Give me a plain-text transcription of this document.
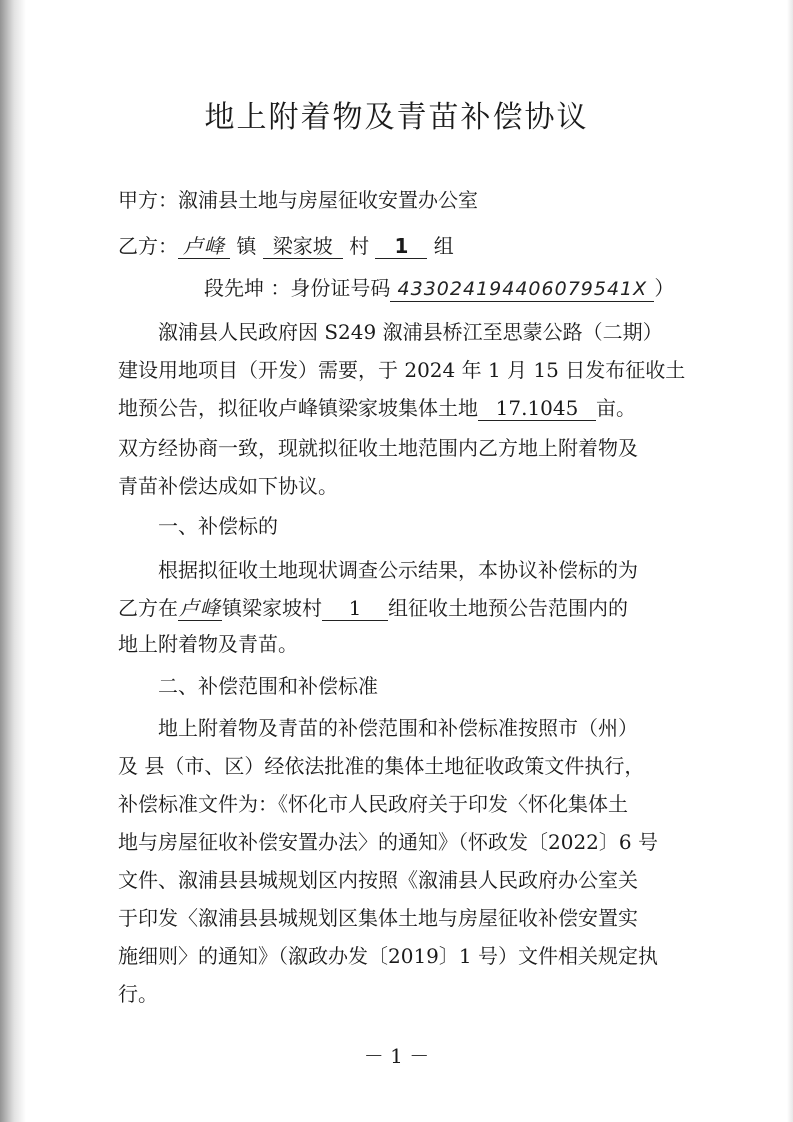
地上附着物及青苗补偿协议
甲方：溆浦县土地与房屋征收安置办公室
乙方： 卢峰 镇 梁家坡 村 1 组
段先坤 ：身份证号码 433024194406079541X ）
溆浦县人民政府因 S249 溆浦县桥江至思蒙公路（二期）
建设用地项目（开发）需要，于 2024 年 1 月 15 日发布征收土
地预公告，拟征收卢峰镇梁家坡集体土地 17.1045 亩。
双方经协商一致，现就拟征收土地范围内乙方地上附着物及
青苗补偿达成如下协议。
一、补偿标的
根据拟征收土地现状调查公示结果，本协议补偿标的为
乙方在卢峰镇梁家坡村 1 组征收土地预公告范围内的
地上附着物及青苗。
二、补偿范围和补偿标准
地上附着物及青苗的补偿范围和补偿标准按照市（州）
及 县（市、区）经依法批准的集体土地征收政策文件执行，
补偿标准文件为：《怀化市人民政府关于印发〈怀化集体土
地与房屋征收补偿安置办法〉的通知》（怀政发〔2022〕6 号
文件、溆浦县县城规划区内按照《溆浦县人民政府办公室关
于印发〈溆浦县县城规划区集体土地与房屋征收补偿安置实
施细则〉的通知》（溆政办发〔2019〕1 号）文件相关规定执
行。
－ 1 －
